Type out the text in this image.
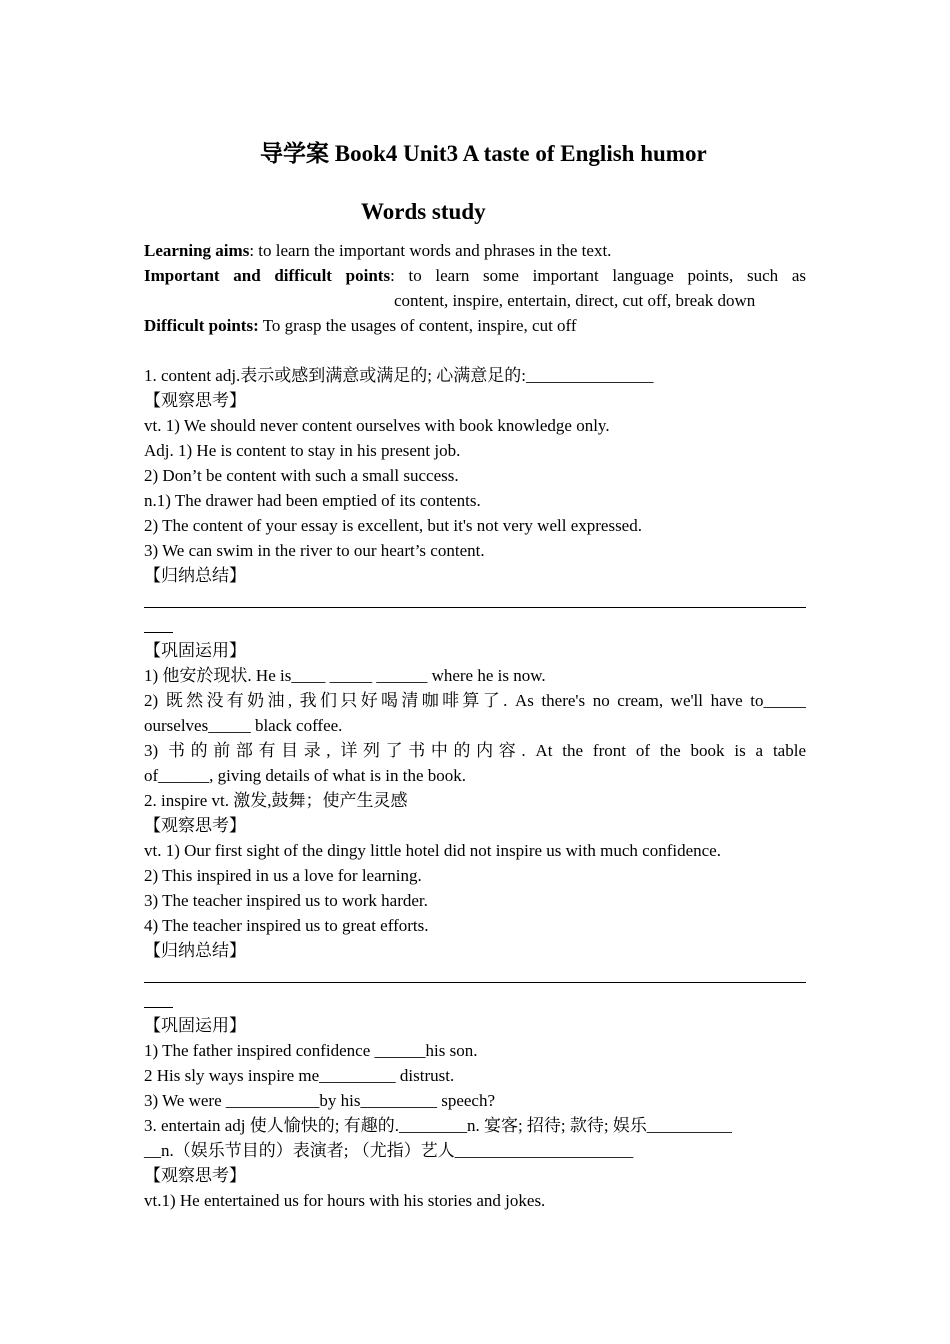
导学案 Book4 Unit3 A taste of English humor
Words study
Learning aims: to learn the important words and phrases in the text.
Important and difficult points: to learn some important language points, such as
content, inspire, entertain, direct, cut off, break down
Difficult points: To grasp the usages of content, inspire, cut off
1. content adj.表示或感到满意或满足的; 心满意足的:_______________
【观察思考】
vt. 1) We should never content ourselves with book knowledge only.
Adj. 1) He is content to stay in his present job.
2) Don’t be content with such a small success.
n.1) The drawer had been emptied of its contents.
2) The content of your essay is excellent, but it's not very well expressed.
3) We can swim in the river to our heart’s content.
【归纳总结】
【巩固运用】
1) 他安於现状. He is____ _____ ______ where he is now.
2) 既然没有奶油, 我们只好喝清咖啡算了. As there's no cream, we'll have to_____
ourselves_____ black coffee.
3) 书的前部有目录, 详列了书中的内容. At the front of the book is a table
of______, giving details of what is in the book.
2. inspire vt. 激发,鼓舞；使产生灵感
【观察思考】
vt. 1) Our first sight of the dingy little hotel did not inspire us with much confidence.
2) This inspired in us a love for learning.
3) The teacher inspired us to work harder.
4) The teacher inspired us to great efforts.
【归纳总结】
【巩固运用】
1) The father inspired confidence ______his son.
2 His sly ways inspire me_________ distrust.
3) We were ___________by his_________ speech?
3. entertain adj 使人愉快的; 有趣的.________n. 宴客; 招待; 款待; 娱乐__________
__n.（娱乐节目的）表演者; （尤指）艺人_____________________
【观察思考】
vt.1) He entertained us for hours with his stories and jokes.
